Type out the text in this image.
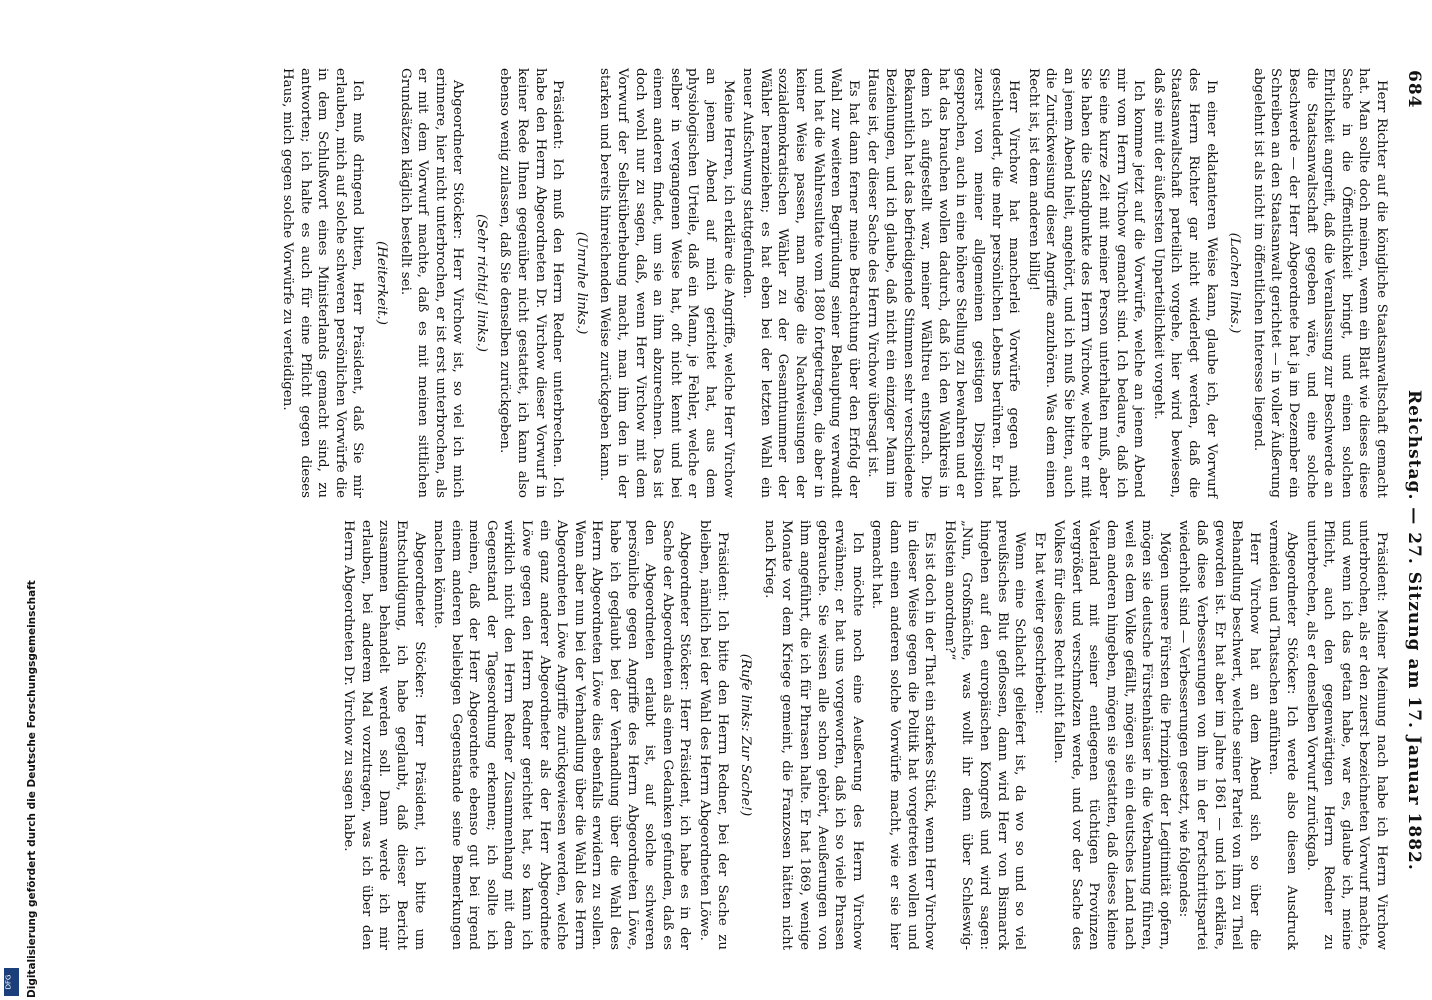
684
Reichstag. — 27. Sitzung am 17. Januar 1882.

Herr Richter auf die königliche Staatsanwaltschaft gemacht hat. Man sollte doch meinen, wenn ein Blatt wie dieses diese Sache in die Öffentlichkeit bringt, und einen solchen Ehrlichkeit angreift, daß die Veranlassung zur Beschwerde an die Staatsanwaltschaft gegeben wäre, und eine solche Beschwerde — der Herr Abgeordnete hat ja im Dezember ein Schreiben an den Staatsanwalt gerichtet — in voller Äußerung abgelehnt ist als nicht im öffentlichen Interesse liegend.

(Lachen links.)

In einer eklatanteren Weise kann, glaube ich, der Vorwurf des Herrn Richter gar nicht widerlegt werden, daß die Staatsanwaltschaft parteilich vorgehe, hier wird bewiesen, daß sie mit der äußersten Unparteilichkeit vorgeht.

Ich komme jetzt auf die Vorwürfe, welche an jenem Abend mir vom Herrn Virchow gemacht sind. Ich bedaure, daß ich Sie eine kurze Zeit mit meiner Person unterhalten muß, aber Sie haben die Standpunkte des Herrn Virchow, welche er mit an jenem Abend hielt, angehört, und ich muß Sie bitten, auch die Zurückweisung dieser Angriffe anzuhören. Was dem einen Recht ist, ist dem anderen billig!

Herr Virchow hat mancherlei Vorwürfe gegen mich geschleudert, die mehr persönlichen Lebens berühren. Er hat zuerst von meiner allgemeinen geistigen Disposition gesprochen, auch in eine höhere Stellung zu bewahren und er hat das brauchen wollen dadurch, daß ich den Wahlkreis in dem ich aufgestellt war, meiner Wähltreu entsprach. Die Bekanntlich hat das befriedigende Stimmen sehr verschiedene Beziehungen, und ich glaube, daß nicht ein einziger Mann im Hause ist, der dieser Sache des Herrn Virchow übersagt ist.

Es hat dann ferner meine Betrachtung über den Erfolg der Wahl zur weiteren Begründung seiner Behauptung verwandt und hat die Wahlresultate vom 1880 fortgetragen, die aber in keiner Weise passen, man möge die Nachweisungen der sozialdemokratischen Wähler zu der Gesamtnummer der Wähler heranziehen; es hat eben bei der letzten Wahl ein neuer Aufschwung stattgefunden.

Meine Herren, ich erkläre die Angriffe, welche Herr Virchow an jenem Abend auf mich gerichtet hat, aus dem physiologischen Urteile, daß ein Mann, je Fehler, welche er selber in vergangenen Weise hat, oft nicht kennt und bei einem anderen findet, um sie an ihm abzurechnen. Das ist doch wohl nur zu sagen, daß, wenn Herr Virchow mit dem Vorwurf der Selbstüberhebung macht, man ihm den in der starken und bereits hinreichenden Weise zurückgeben kann.

(Unruhe links.)

Präsident: Ich muß den Herrn Redner unterbrechen. Ich habe den Herrn Abgeordneten Dr. Virchow dieser Vorwurf in keiner Rede Ihnen gegenüber nicht gestattet, ich kann also ebenso wenig zulassen, daß Sie denselben zurückgeben.

(Sehr richtig! links.)

Abgeordneter Stöcker: Herr Virchow ist, so viel ich mich erinnere, hier nicht unterbrochen, er ist erst unterbrochen, als er mit dem Vorwurf machte, daß es mit meinen sittlichen Grundsätzen kläglich bestellt sei.

(Heiterkeit.)

Ich muß dringend bitten, Herr Präsident, daß Sie mir erlauben, mich auf solche schweren persönlichen Vorwürfe die in dem Schlußwort eines Ministerlands gemacht sind, zu antworten; ich halte es auch für eine Pflicht gegen dieses Haus, mich gegen solche Vorwürfe zu verteidigen.

Präsident: Meiner Meinung nach habe ich Herrn Virchow unterbrochen, als er den zuerst bezeichneten Vorwurf machte, und wenn ich das getan habe, war es, glaube ich, meine Pflicht, auch den gegenwärtigen Herrn Redner zu unterbrechen, als er denselben Vorwurf zurückgab.

Abgeordneter Stöcker: Ich werde also diesen Ausdruck vermeiden und Thatsachen anführen.

Herr Virchow hat an dem Abend sich so über die Behandlung beschwert, welche seiner Partei von ihm zu Theil geworden ist. Er hat aber im Jahre 1861 — und ich erkläre, daß diese Verbesserungen von ihm in der Fortschrittspartei wiederholt sind — Verbesserungen gesetzt, wie folgendes:

Mögen unsere Fürsten die Prinzipien der Legitimität opfern, mögen sie deutsche Fürstenhäuser in die Verbannung führen, weil es dem Volke gefällt, mögen sie ein deutsches Land nach dem anderen hingeben, mögen sie gestatten, daß dieses kleine Vaterland mit seiner entlegenen tüchtigen Provinzen vergrößert und verschmolzen werde, und vor der Sache des Volkes für dieses Recht nicht fallen.

Er hat weiter geschrieben:

Wenn eine Schlacht geliefert ist, da wo so und so viel preußisches Blut geflossen, dann wird Herr von Bismarck hingehen auf den europäischen Kongreß und wird sagen: „Nun, Großmächte, was wollt ihr denn über Schleswig-Holstein anordnen?“

Es ist doch in der That ein starkes Stück, wenn Herr Virchow in dieser Weise gegen die Politik hat vorgetreten wollen und dann einen anderen solche Vorwürfe macht, wie er sie hier gemacht hat.

Ich möchte noch eine Aeußerung des Herrn Virchow erwähnen; er hat uns vorgeworfen, daß ich so viele Phrasen gebrauche. Sie wissen alle schon gehört, Aeußerungen von ihm angeführt, die ich für Phrasen halte. Er hat 1869, wenige Monate vor dem Kriege gemeint, die Franzosen hätten nicht nach Krieg.

(Rufe links: Zur Sache!)

Präsident: Ich bitte den Herrn Redner, bei der Sache zu bleiben, nämlich bei der Wahl des Herrn Abgeordneten Löwe.

Abgeordneter Stöcker: Herr Präsident, ich habe es in der Sache der Abgeordneten als einen Gedanken gefunden, daß es den Abgeordneten erlaubt ist, auf solche schweren persönliche gegen Angriffe des Herrn Abgeordneten Löwe, habe ich geglaubt bei der Verhandlung über die Wahl des Herrn Abgeordneten Löwe dies ebenfalls erwidern zu sollen. Wenn aber nun bei der Verhandlung über die Wahl des Herrn Abgeordneten Löwe Angriffe zurückgewiesen werden, welche ein ganz anderer Abgeordneter als der Herr Abgeordnete Löwe gegen den Herrn Redner gerichtet hat, so kann ich wirklich nicht den Herrn Redner Zusammenhang mit dem Gegenstand der Tagesordnung erkennen; ich sollte ich meinen, daß der Herr Abgeordnete ebenso gut bei irgend einem anderen beliebigen Gegenstande seine Bemerkungen machen könnte.

Abgeordneter Stöcker: Herr Präsident, ich bitte um Entschuldigung, ich habe geglaubt, daß dieser Bericht zusammen behandelt werden soll. Dann werde ich mir erlauben, bei anderem Mal vorzutragen, was ich über den Herrn Abgeordneten Dr. Virchow zu sagen habe.

Digitalisierung gefördert durch die Deutsche Forschungsgemeinschaft
DFG
